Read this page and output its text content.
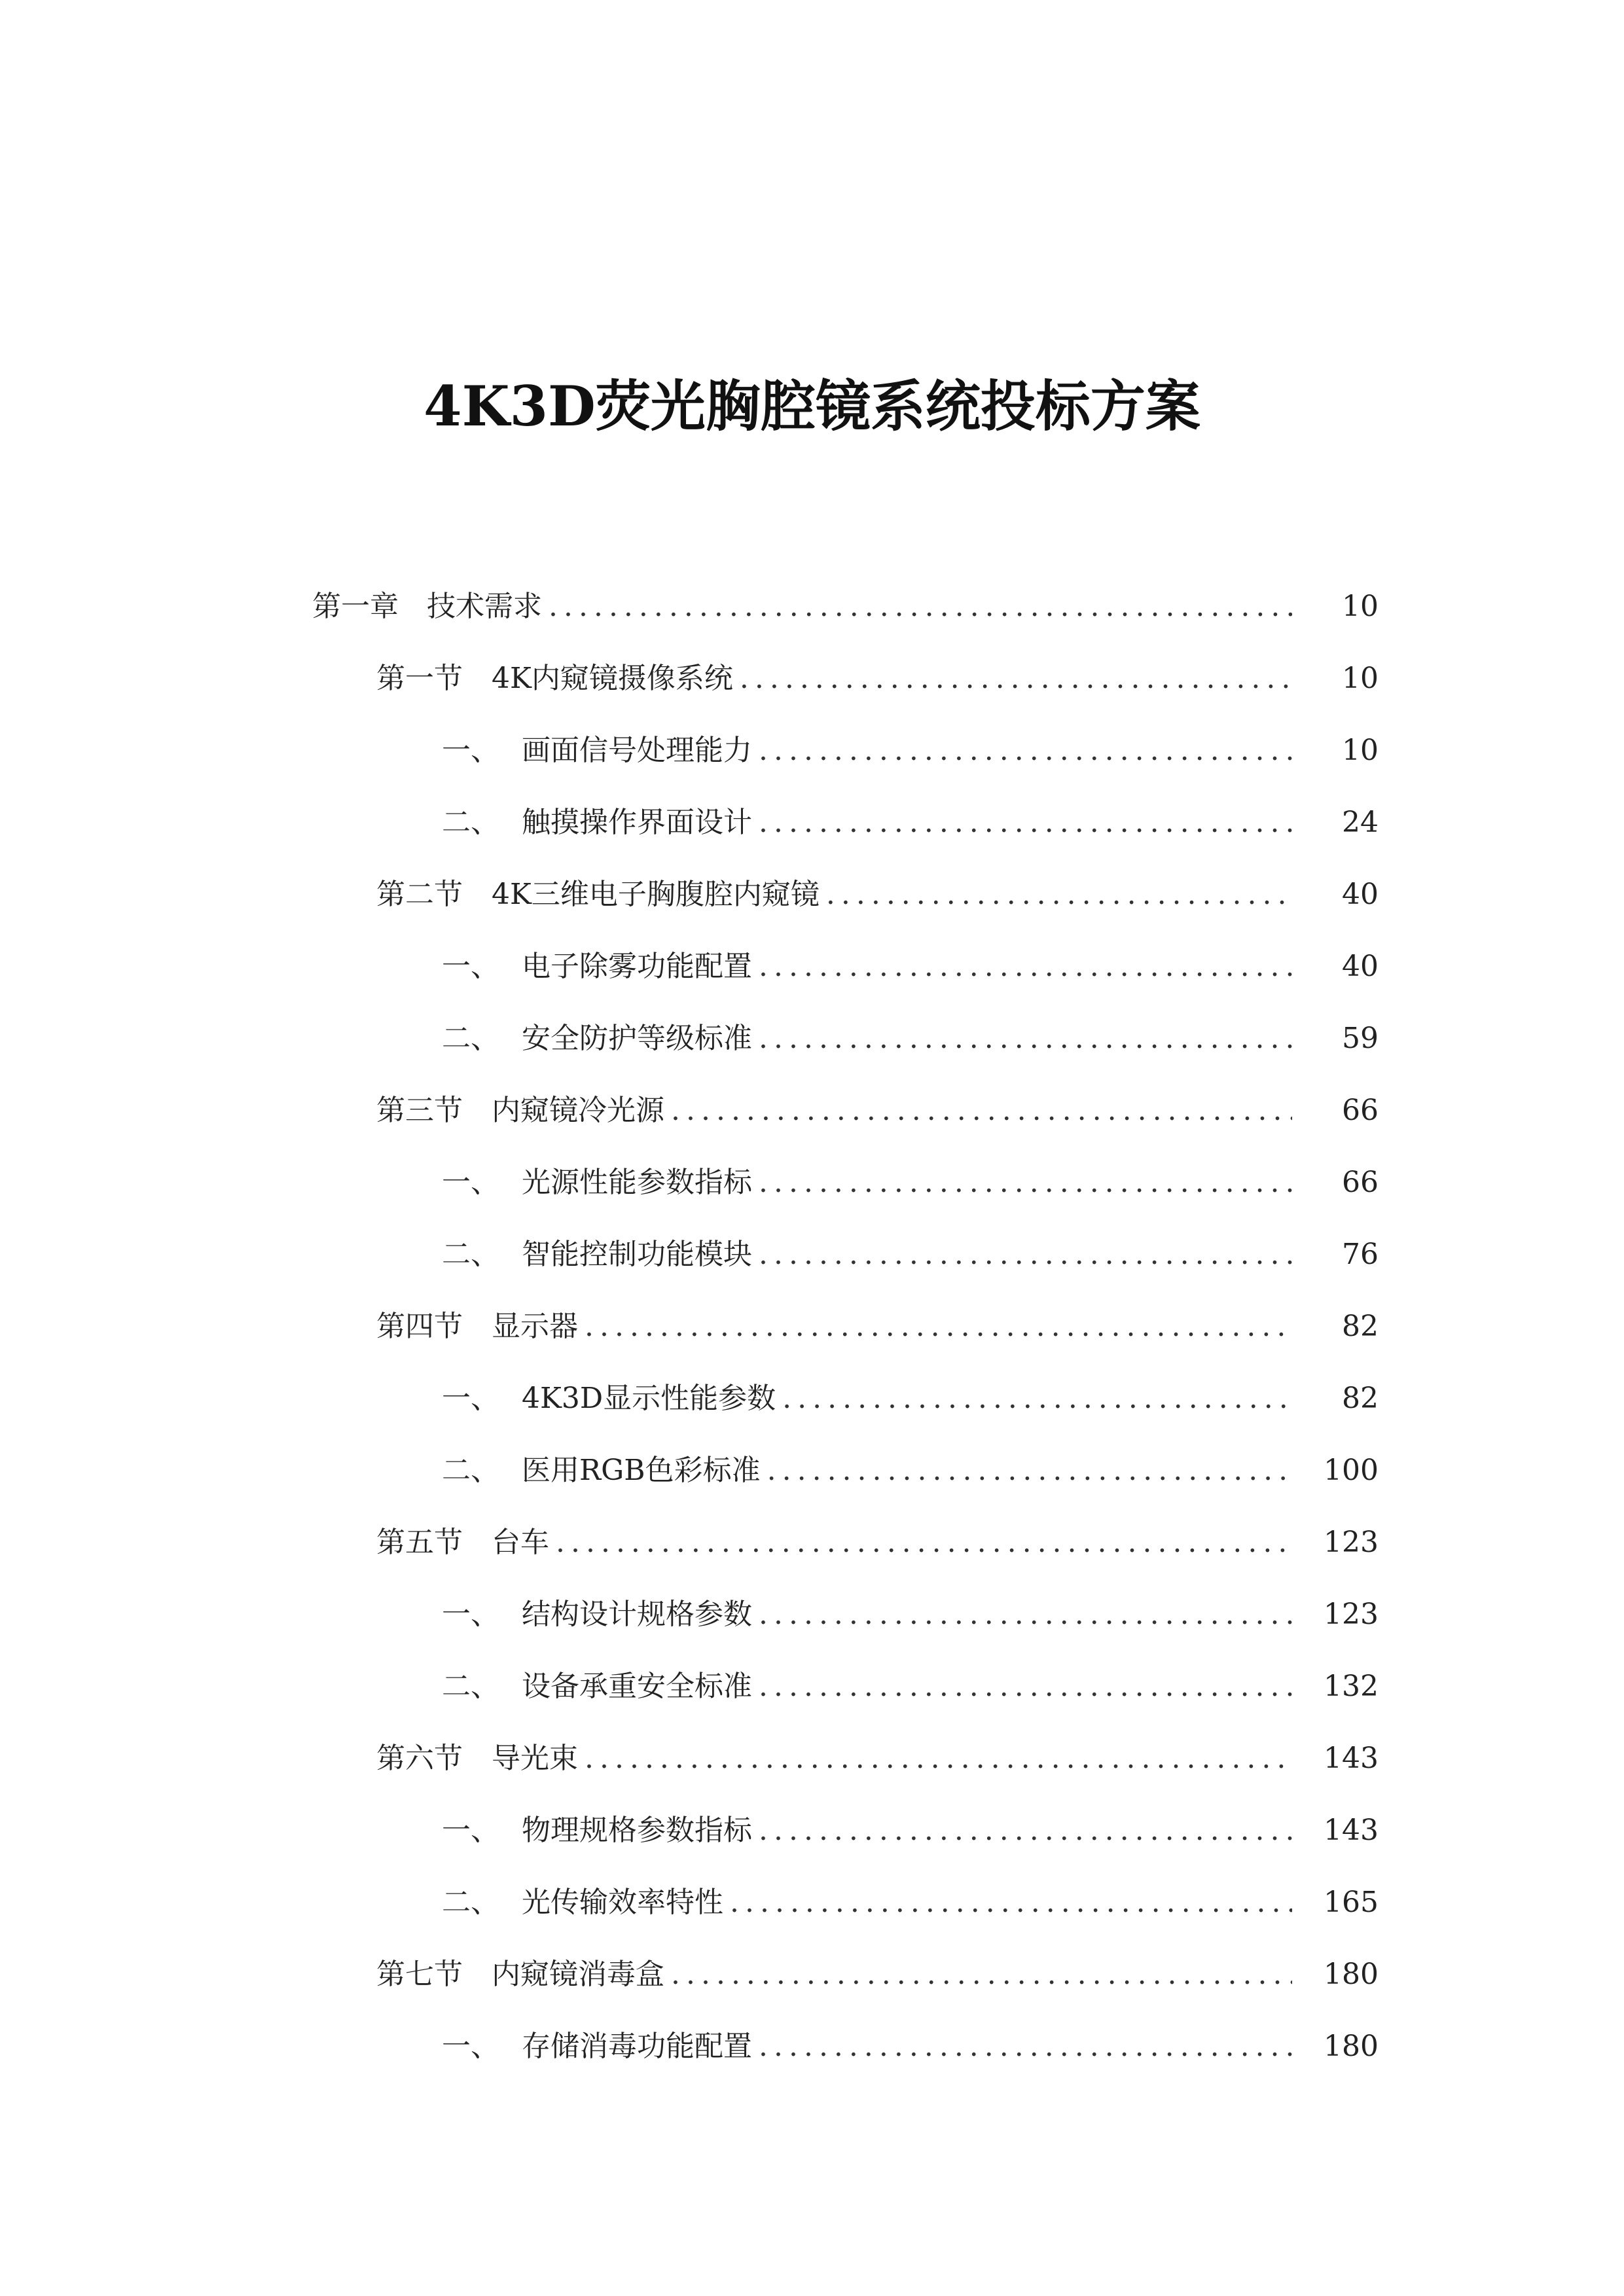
4K3D荧光胸腔镜系统投标方案
第一章 技术需求 .....	10
第一节	4K内窥镜摄像系统 .....	10
一、 画面信号处理能力 .....	10
二、 触摸操作界面设计 .....	24
第二节	4K三维电子胸腹腔内窥镜 .....	40
一、 电子除雾功能配置 .....	40
二、 安全防护等级标准 .....	59
第三节	内窥镜冷光源 .....	66
一、 光源性能参数指标 .....	66
二、 智能控制功能模块 .....	76
第四节	显示器 .....	82
一、 4K3D显示性能参数 .....	82
二、 医用RGB色彩标准 .....	100
第五节	台车 .....	123
一、 结构设计规格参数 .....	123
二、 设备承重安全标准 .....	132
第六节	导光束 .....	143
一、 物理规格参数指标 .....	143
二、 光传输效率特性 .....	165
第七节	内窥镜消毒盒 .....	180
一、 存储消毒功能配置 .....	180
